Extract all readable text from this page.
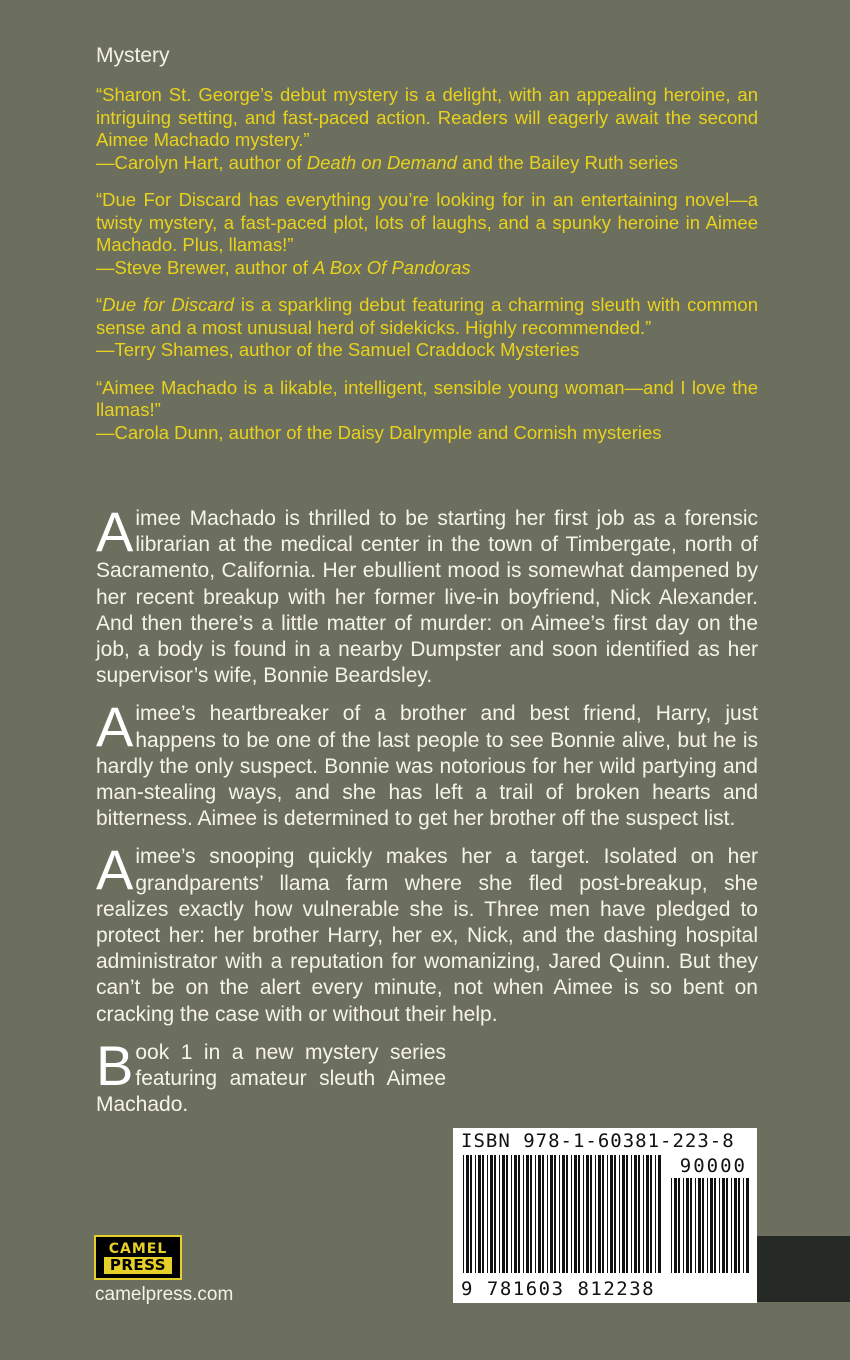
Mystery
“Sharon St. George’s debut mystery is a delight, with an appealing heroine, an intriguing setting, and fast-paced action. Readers will eagerly await the second Aimee Machado mystery.”
—Carolyn Hart, author of Death on Demand and the Bailey Ruth series
“Due For Discard has everything you’re looking for in an entertaining novel—a twisty mystery, a fast-paced plot, lots of laughs, and a spunky heroine in Aimee Machado. Plus, llamas!”
—Steve Brewer, author of A Box Of Pandoras
“Due for Discard is a sparkling debut featuring a charming sleuth with common sense and a most unusual herd of sidekicks. Highly recommended.”
—Terry Shames, author of the Samuel Craddock Mysteries
“Aimee Machado is a likable, intelligent, sensible young woman—and I love the llamas!”
—Carola Dunn, author of the Daisy Dalrymple and Cornish mysteries
Aimee Machado is thrilled to be starting her first job as a forensic librarian at the medical center in the town of Timbergate, north of Sacramento, California. Her ebullient mood is somewhat dampened by her recent breakup with her former live-in boyfriend, Nick Alexander. And then there’s a little matter of murder: on Aimee’s first day on the job, a body is found in a nearby Dumpster and soon identified as her supervisor’s wife, Bonnie Beardsley.
Aimee’s heartbreaker of a brother and best friend, Harry, just happens to be one of the last people to see Bonnie alive, but he is hardly the only suspect. Bonnie was notorious for her wild partying and man-stealing ways, and she has left a trail of broken hearts and bitterness. Aimee is determined to get her brother off the suspect list.
Aimee’s snooping quickly makes her a target. Isolated on her grandparents’ llama farm where she fled post-breakup, she realizes exactly how vulnerable she is. Three men have pledged to protect her: her brother Harry, her ex, Nick, and the dashing hospital administrator with a reputation for womanizing, Jared Quinn. But they can’t be on the alert every minute, not when Aimee is so bent on cracking the case with or without their help.
Book 1 in a new mystery series featuring amateur sleuth Aimee Machado.
ISBN 978-1-60381-223-8
90000
9 781603 812238
CAMEL
PRESS
camelpress.com
